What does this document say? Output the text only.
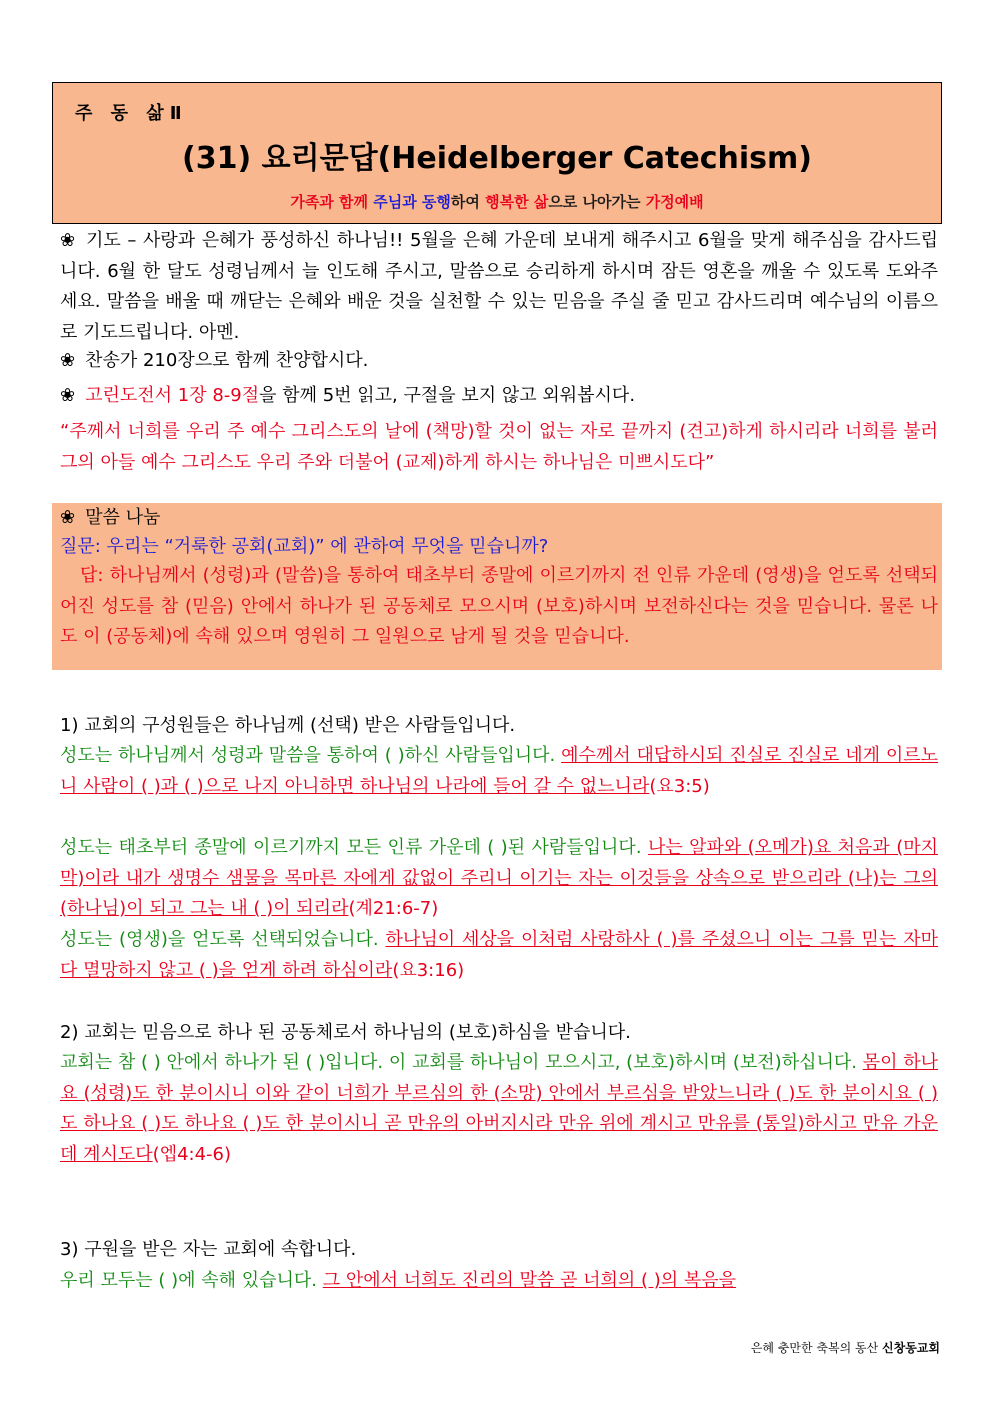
주 동 삶Ⅱ
(31) 요리문답(Heidelberger Catechism)
가족과 함께 주님과 동행하여 행복한 삶으로 나아가는 가정예배
❀ 기도 – 사랑과 은혜가 풍성하신 하나님!! 5월을 은혜 가운데 보내게 해주시고 6월을 맞게 해주심을 감사드립니다. 6월 한 달도 성령님께서 늘 인도해 주시고, 말씀으로 승리하게 하시며 잠든 영혼을 깨울 수 있도록 도와주세요. 말씀을 배울 때 깨닫는 은혜와 배운 것을 실천할 수 있는 믿음을 주실 줄 믿고 감사드리며 예수님의 이름으로 기도드립니다. 아멘.
❀ 찬송가 210장으로 함께 찬양합시다.
❀ 고린도전서 1장 8-9절을 함께 5번 읽고, 구절을 보지 않고 외워봅시다.
“주께서 너희를 우리 주 예수 그리스도의 날에 (책망)할 것이 없는 자로 끝까지 (견고)하게 하시리라 너희를 불러 그의 아들 예수 그리스도 우리 주와 더불어 (교제)하게 하시는 하나님은 미쁘시도다”
❀ 말씀 나눔
질문: 우리는 “거룩한 공회(교회)” 에 관하여 무엇을 믿습니까?
답: 하나님께서 (성령)과 (말씀)을 통하여 태초부터 종말에 이르기까지 전 인류 가운데 (영생)을 얻도록 선택되어진 성도를 참 (믿음) 안에서 하나가 된 공동체로 모으시며 (보호)하시며 보전하신다는 것을 믿습니다. 물론 나도 이 (공동체)에 속해 있으며 영원히 그 일원으로 남게 될 것을 믿습니다.
1) 교회의 구성원들은 하나님께 (선택) 받은 사람들입니다.
성도는 하나님께서 성령과 말씀을 통하여 ( )하신 사람들입니다. 예수께서 대답하시되 진실로 진실로 네게 이르노니 사람이 ( )과 ( )으로 나지 아니하면 하나님의 나라에 들어 갈 수 없느니라(요3:5)
성도는 태초부터 종말에 이르기까지 모든 인류 가운데 ( )된 사람들입니다. 나는 알파와 (오메가)요 처음과 (마지막)이라 내가 생명수 샘물을 목마른 자에게 값없이 주리니 이기는 자는 이것들을 상속으로 받으리라 (나)는 그의 (하나님)이 되고 그는 내 ( )이 되리라(계21:6-7)
성도는 (영생)을 얻도록 선택되었습니다. 하나님이 세상을 이처럼 사랑하사 ( )를 주셨으니 이는 그를 믿는 자마다 멸망하지 않고 ( )을 얻게 하려 하심이라(요3:16)
2) 교회는 믿음으로 하나 된 공동체로서 하나님의 (보호)하심을 받습니다.
교회는 참 ( ) 안에서 하나가 된 ( )입니다. 이 교회를 하나님이 모으시고, (보호)하시며 (보전)하십니다. 몸이 하나요 (성령)도 한 분이시니 이와 같이 너희가 부르심의 한 (소망) 안에서 부르심을 받았느니라 ( )도 한 분이시요 ( )도 하나요 ( )도 하나요 ( )도 한 분이시니 곧 만유의 아버지시라 만유 위에 계시고 만유를 (통일)하시고 만유 가운데 계시도다(엡4:4-6)
3) 구원을 받은 자는 교회에 속합니다.
우리 모두는 ( )에 속해 있습니다. 그 안에서 너희도 진리의 말씀 곧 너희의 ( )의 복음을
은혜 충만한 축복의 동산 신창동교회
